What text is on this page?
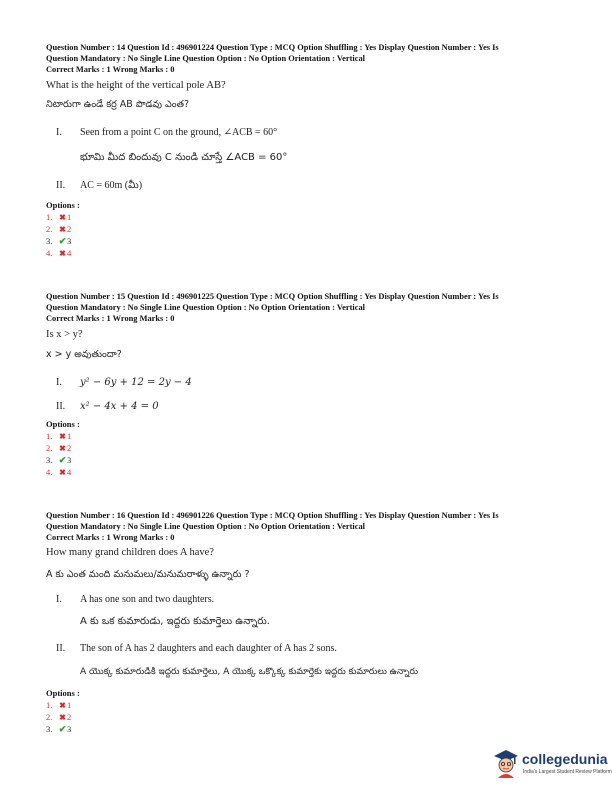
Question Number : 14 Question Id : 496901224 Question Type : MCQ Option Shuffling : Yes Display Question Number : Yes Is
Question Mandatory : No Single Line Question Option : No Option Orientation : Vertical
Correct Marks : 1 Wrong Marks : 0
What is the height of the vertical pole AB?
నిటారుగా ఉండే కర్ర AB పొడవు ఎంత?
I. Seen from a point C on the ground, ∠ACB = 60°
భూమి మీద బిందువు C నుండి చూస్తే ∠ACB = 60°
II. AC = 60m (మీ)
Options :
1. ✖1
2. ✖2
3. ✔3
4. ✖4
Question Number : 15 Question Id : 496901225 Question Type : MCQ Option Shuffling : Yes Display Question Number : Yes Is
Question Mandatory : No Single Line Question Option : No Option Orientation : Vertical
Correct Marks : 1 Wrong Marks : 0
Is x > y?
x > y అవుతుందా?
I. y² − 6y + 12 = 2y − 4
II. x² − 4x + 4 = 0
Options :
1. ✖1
2. ✖2
3. ✔3
4. ✖4
Question Number : 16 Question Id : 496901226 Question Type : MCQ Option Shuffling : Yes Display Question Number : Yes Is
Question Mandatory : No Single Line Question Option : No Option Orientation : Vertical
Correct Marks : 1 Wrong Marks : 0
How many grand children does A have?
A కు ఎంత మంది మనుమలు/మనుమరాళ్ళు ఉన్నారు ?
I. A has one son and two daughters.
A కు ఒక కుమారుడు, ఇద్దరు కుమార్తెలు ఉన్నారు.
II. The son of A has 2 daughters and each daughter of A has 2 sons.
A యొక్క కుమారుడికి ఇద్దరు కుమార్తెలు, A యొక్క ఒక్కొక్క కుమార్తెకు ఇద్దరు కుమారులు ఉన్నారు
Options :
1. ✖1
2. ✖2
3. ✔3
collegedunia
India's Largest Student Review Platform
